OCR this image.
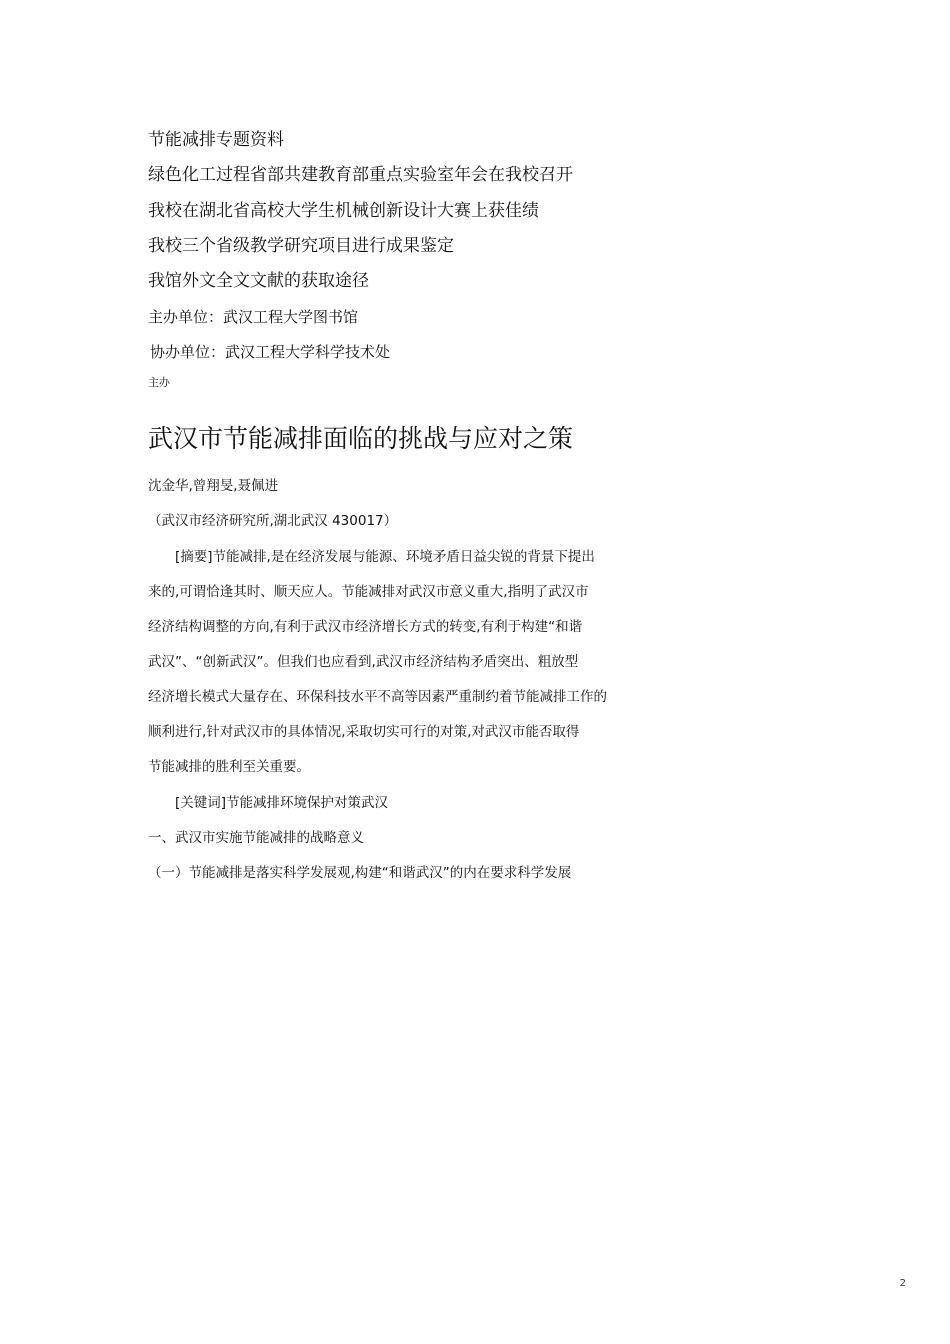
节能减排专题资料
绿色化工过程省部共建教育部重点实验室年会在我校召开
我校在湖北省高校大学生机械创新设计大赛上获佳绩
我校三个省级教学研究项目进行成果鉴定
我馆外文全文文献的获取途径
主办单位：武汉工程大学图书馆
协办单位：武汉工程大学科学技术处
主办
武汉市节能减排面临的挑战与应对之策
沈金华,曾翔旻,聂佩进
（武汉市经济研究所,湖北武汉 430017）
[摘要]节能减排,是在经济发展与能源、环境矛盾日益尖锐的背景下提出
来的,可谓恰逢其时、顺天应人。节能减排对武汉市意义重大,指明了武汉市
经济结构调整的方向,有利于武汉市经济增长方式的转变,有利于构建“和谐
武汉”、“创新武汉”。但我们也应看到,武汉市经济结构矛盾突出、粗放型
经济增长模式大量存在、环保科技水平不高等因素严重制约着节能减排工作的
顺利进行,针对武汉市的具体情况,采取切实可行的对策,对武汉市能否取得
节能减排的胜利至关重要。
[关键词]节能减排环境保护对策武汉
一、武汉市实施节能减排的战略意义
（一）节能减排是落实科学发展观,构建“和谐武汉”的内在要求科学发展
2
